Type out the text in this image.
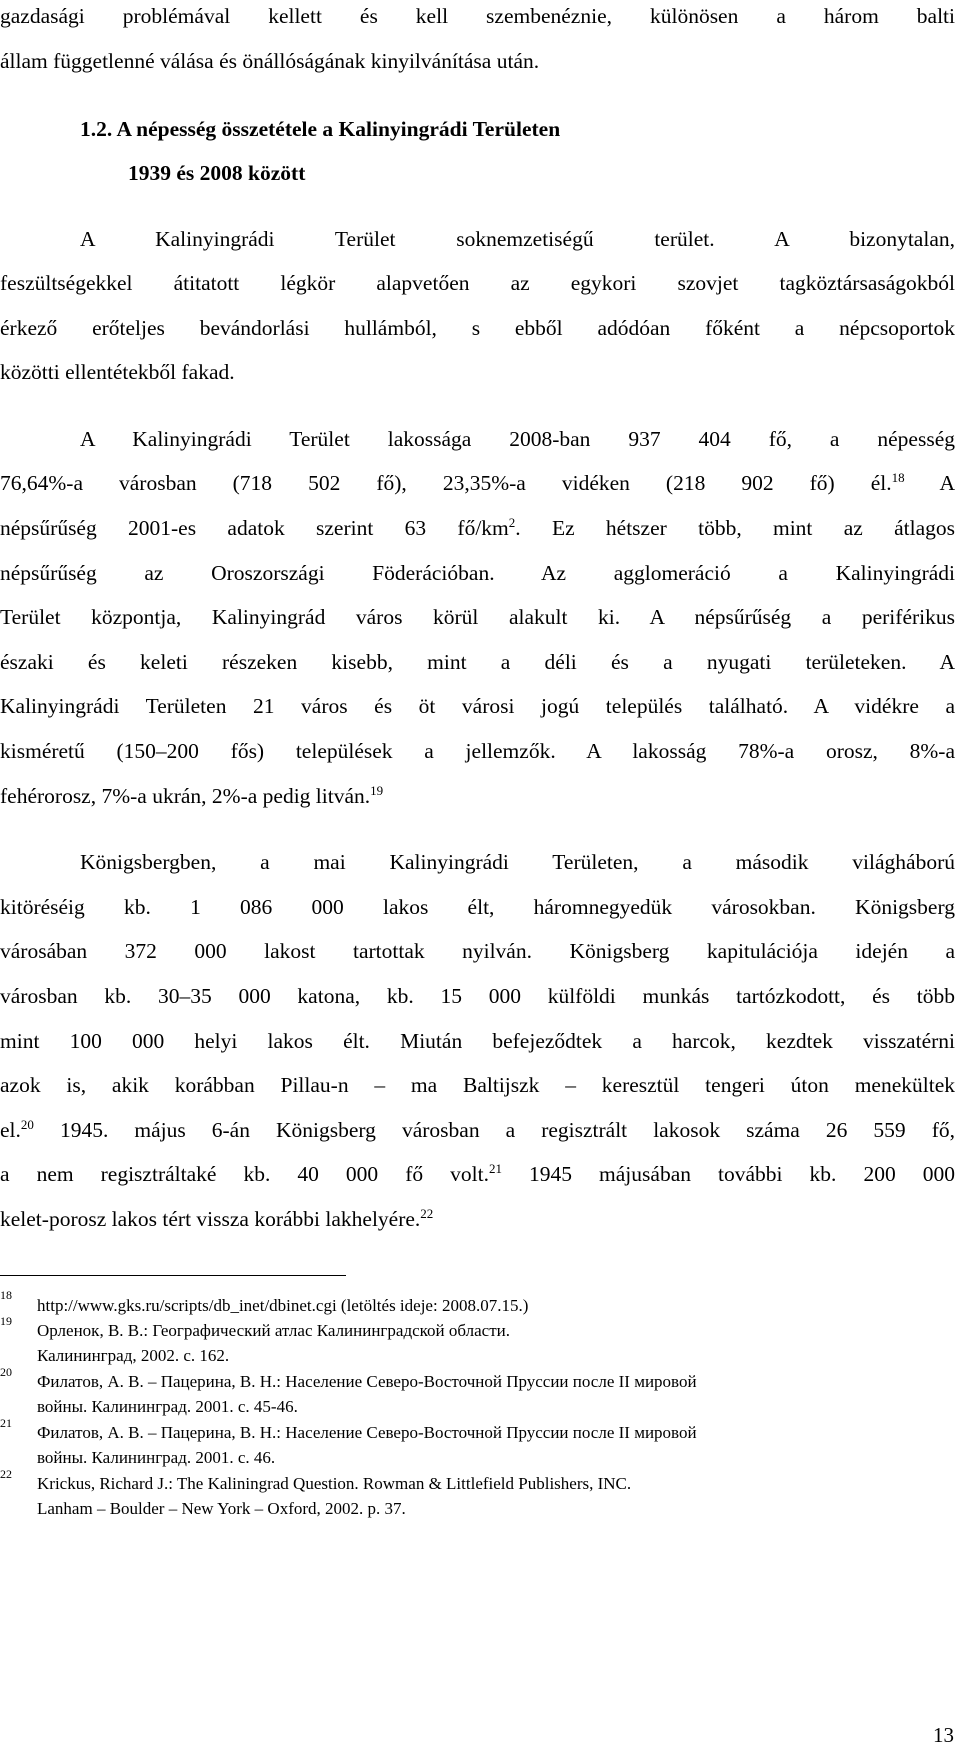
gazdasági problémával kellett és kell szembenéznie, különösen a három balti
állam függetlenné válása és önállóságának kinyilvánítása után.
1.2. A népesség összetétele a Kalinyingrádi Területen
1939 és 2008 között
A Kalinyingrádi Terület soknemzetiségű terület. A bizonytalan,
feszültségekkel átitatott légkör alapvetően az egykori szovjet tagköztársaságokból
érkező erőteljes bevándorlási hullámból, s ebből adódóan főként a népcsoportok
közötti ellentétekből fakad.
A Kalinyingrádi Terület lakossága 2008-ban 937 404 fő, a népesség
76,64%-a városban (718 502 fő), 23,35%-a vidéken (218 902 fő) él.$^{18}$ A
népsűrűség 2001-es adatok szerint 63 $fő/km^2$. Ez hétszer több, mint az átlagos
népsűrűség az Oroszországi Föderációban. Az agglomeráció a Kalinyingrádi
Terület központja, Kalinyingrád város körül alakult ki. A népsűrűség a periférikus
északi és keleti részeken kisebb, mint a déli és a nyugati területeken. A
Kalinyingrádi Területen 21 város és öt városi jogú település található. A vidékre a
kisméretű (150–200 fős) települések a jellemzők. A lakosság 78%-a orosz, 8%-a
fehérorosz, 7%-a ukrán, 2%-a pedig litván.$^{19}$
Königsbergben, a mai Kalinyingrádi Területen, a második világháború
kitöréséig kb. 1 086 000 lakos élt, háromnegyedük városokban. Königsberg
városában 372 000 lakost tartottak nyilván. Königsberg kapitulációja idején a
városban kb. 30–35 000 katona, kb. 15 000 külföldi munkás tartózkodott, és több
mint 100 000 helyi lakos élt. Miután befejeződtek a harcok, kezdtek visszatérni
azok is, akik korábban Pillau-n – ma Baltijszk – keresztül tengeri úton menekültek
el.$^{20}$ 1945. május 6-án Königsberg városban a regisztrált lakosok száma 26 559 fő,
a nem regisztráltaké kb. 40 000 fő volt.$^{21}$ 1945 májusában további kb. 200 000
kelet-porosz lakos tért vissza korábbi lakhelyére.$^{22}$
18
http://www.gks.ru/scripts/db_inet/dbinet.cgi (letöltés ideje: 2008.07.15.)
19 Орленок, В. В.: Географический атлас Калининградской области.
Калининград, 2002. с. 162.
20 Филатов, А. В. – Пацерина, В. Н.: Население Северо-Восточной Пруссии после II мировой
войны. Калининград. 2001. с. 45-46.
21 Филатов, А. В. – Пацерина, В. Н.: Население Северо-Восточной Пруссии после II мировой
войны. Калининград. 2001. с. 46.
22 Krickus, Richard J.: The Kaliningrad Question. Rowman & Littlefield Publishers, INC.
Lanham – Boulder – New York – Oxford, 2002. p. 37.
13
